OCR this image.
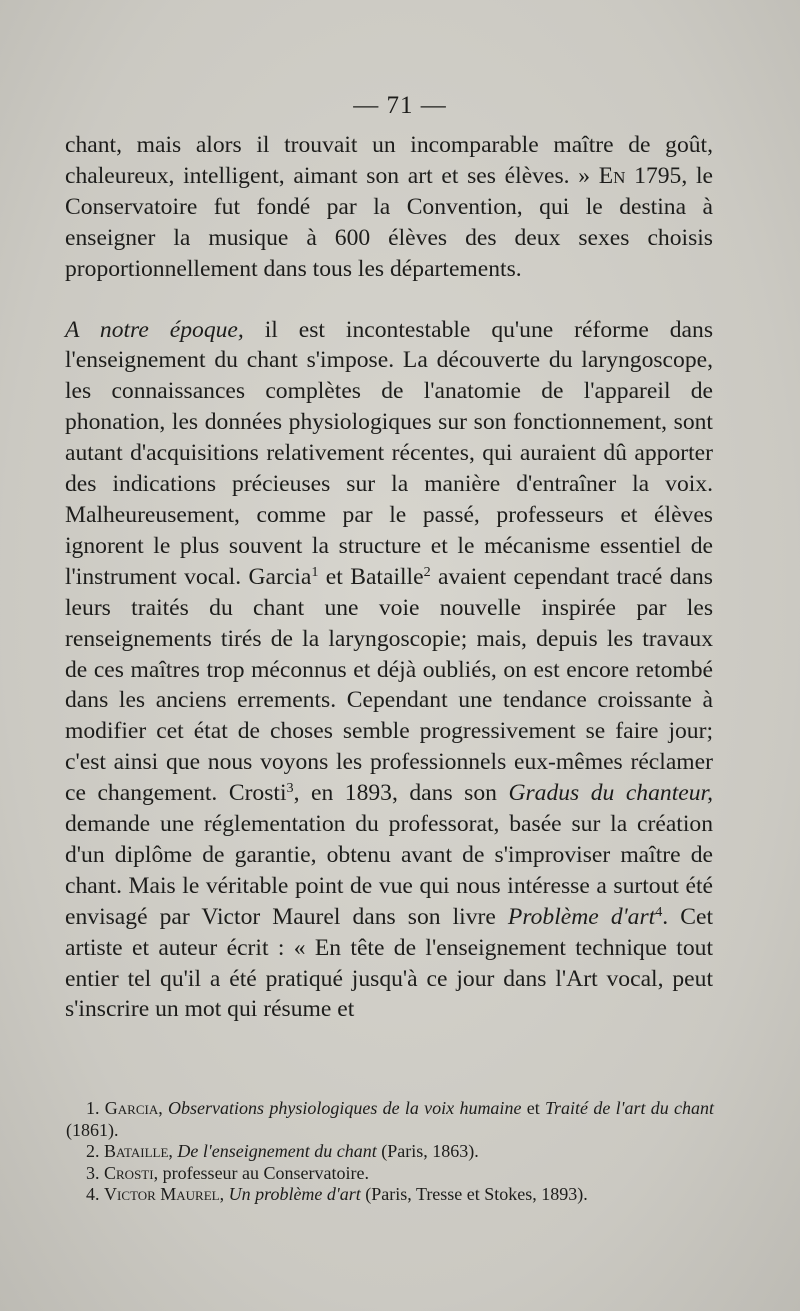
— 71 —

chant, mais alors il trouvait un incomparable maître de goût, chaleureux, intelligent, aimant son art et ses élèves. » En 1795, le Conservatoire fut fondé par la Convention, qui le destina à enseigner la musique à 600 élèves des deux sexes choisis proportionnellement dans tous les départements.

A notre époque, il est incontestable qu'une réforme dans l'enseignement du chant s'impose. La découverte du laryngoscope, les connaissances complètes de l'anatomie de l'appareil de phonation, les données physiologiques sur son fonctionnement, sont autant d'acquisitions relativement récentes, qui auraient dû apporter des indications précieuses sur la manière d'entraîner la voix. Malheureusement, comme par le passé, professeurs et élèves ignorent le plus souvent la structure et le mécanisme essentiel de l'instrument vocal. Garcia$^1$ et Bataille$^2$ avaient cependant tracé dans leurs traités du chant une voie nouvelle inspirée par les renseignements tirés de la laryngoscopie; mais, depuis les travaux de ces maîtres trop méconnus et déjà oubliés, on est encore retombé dans les anciens errements. Cependant une tendance croissante à modifier cet état de choses semble progressivement se faire jour; c'est ainsi que nous voyons les professionnels eux-mêmes réclamer ce changement. Crosti$^3$, en 1893, dans son Gradus du chanteur, demande une réglementation du professorat, basée sur la création d'un diplôme de garantie, obtenu avant de s'improviser maître de chant. Mais le véritable point de vue qui nous intéresse a surtout été envisagé par Victor Maurel dans son livre Problème d'art$^4$. Cet artiste et auteur écrit : « En tête de l'enseignement technique tout entier tel qu'il a été pratiqué jusqu'à ce jour dans l'Art vocal, peut s'inscrire un mot qui résume et

1. Garcia, Observations physiologiques de la voix humaine et Traité de l'art du chant (1861).

2. Bataille, De l'enseignement du chant (Paris, 1863).

3. Crosti, professeur au Conservatoire.

4. Victor Maurel, Un problème d'art (Paris, Tresse et Stokes, 1893).
